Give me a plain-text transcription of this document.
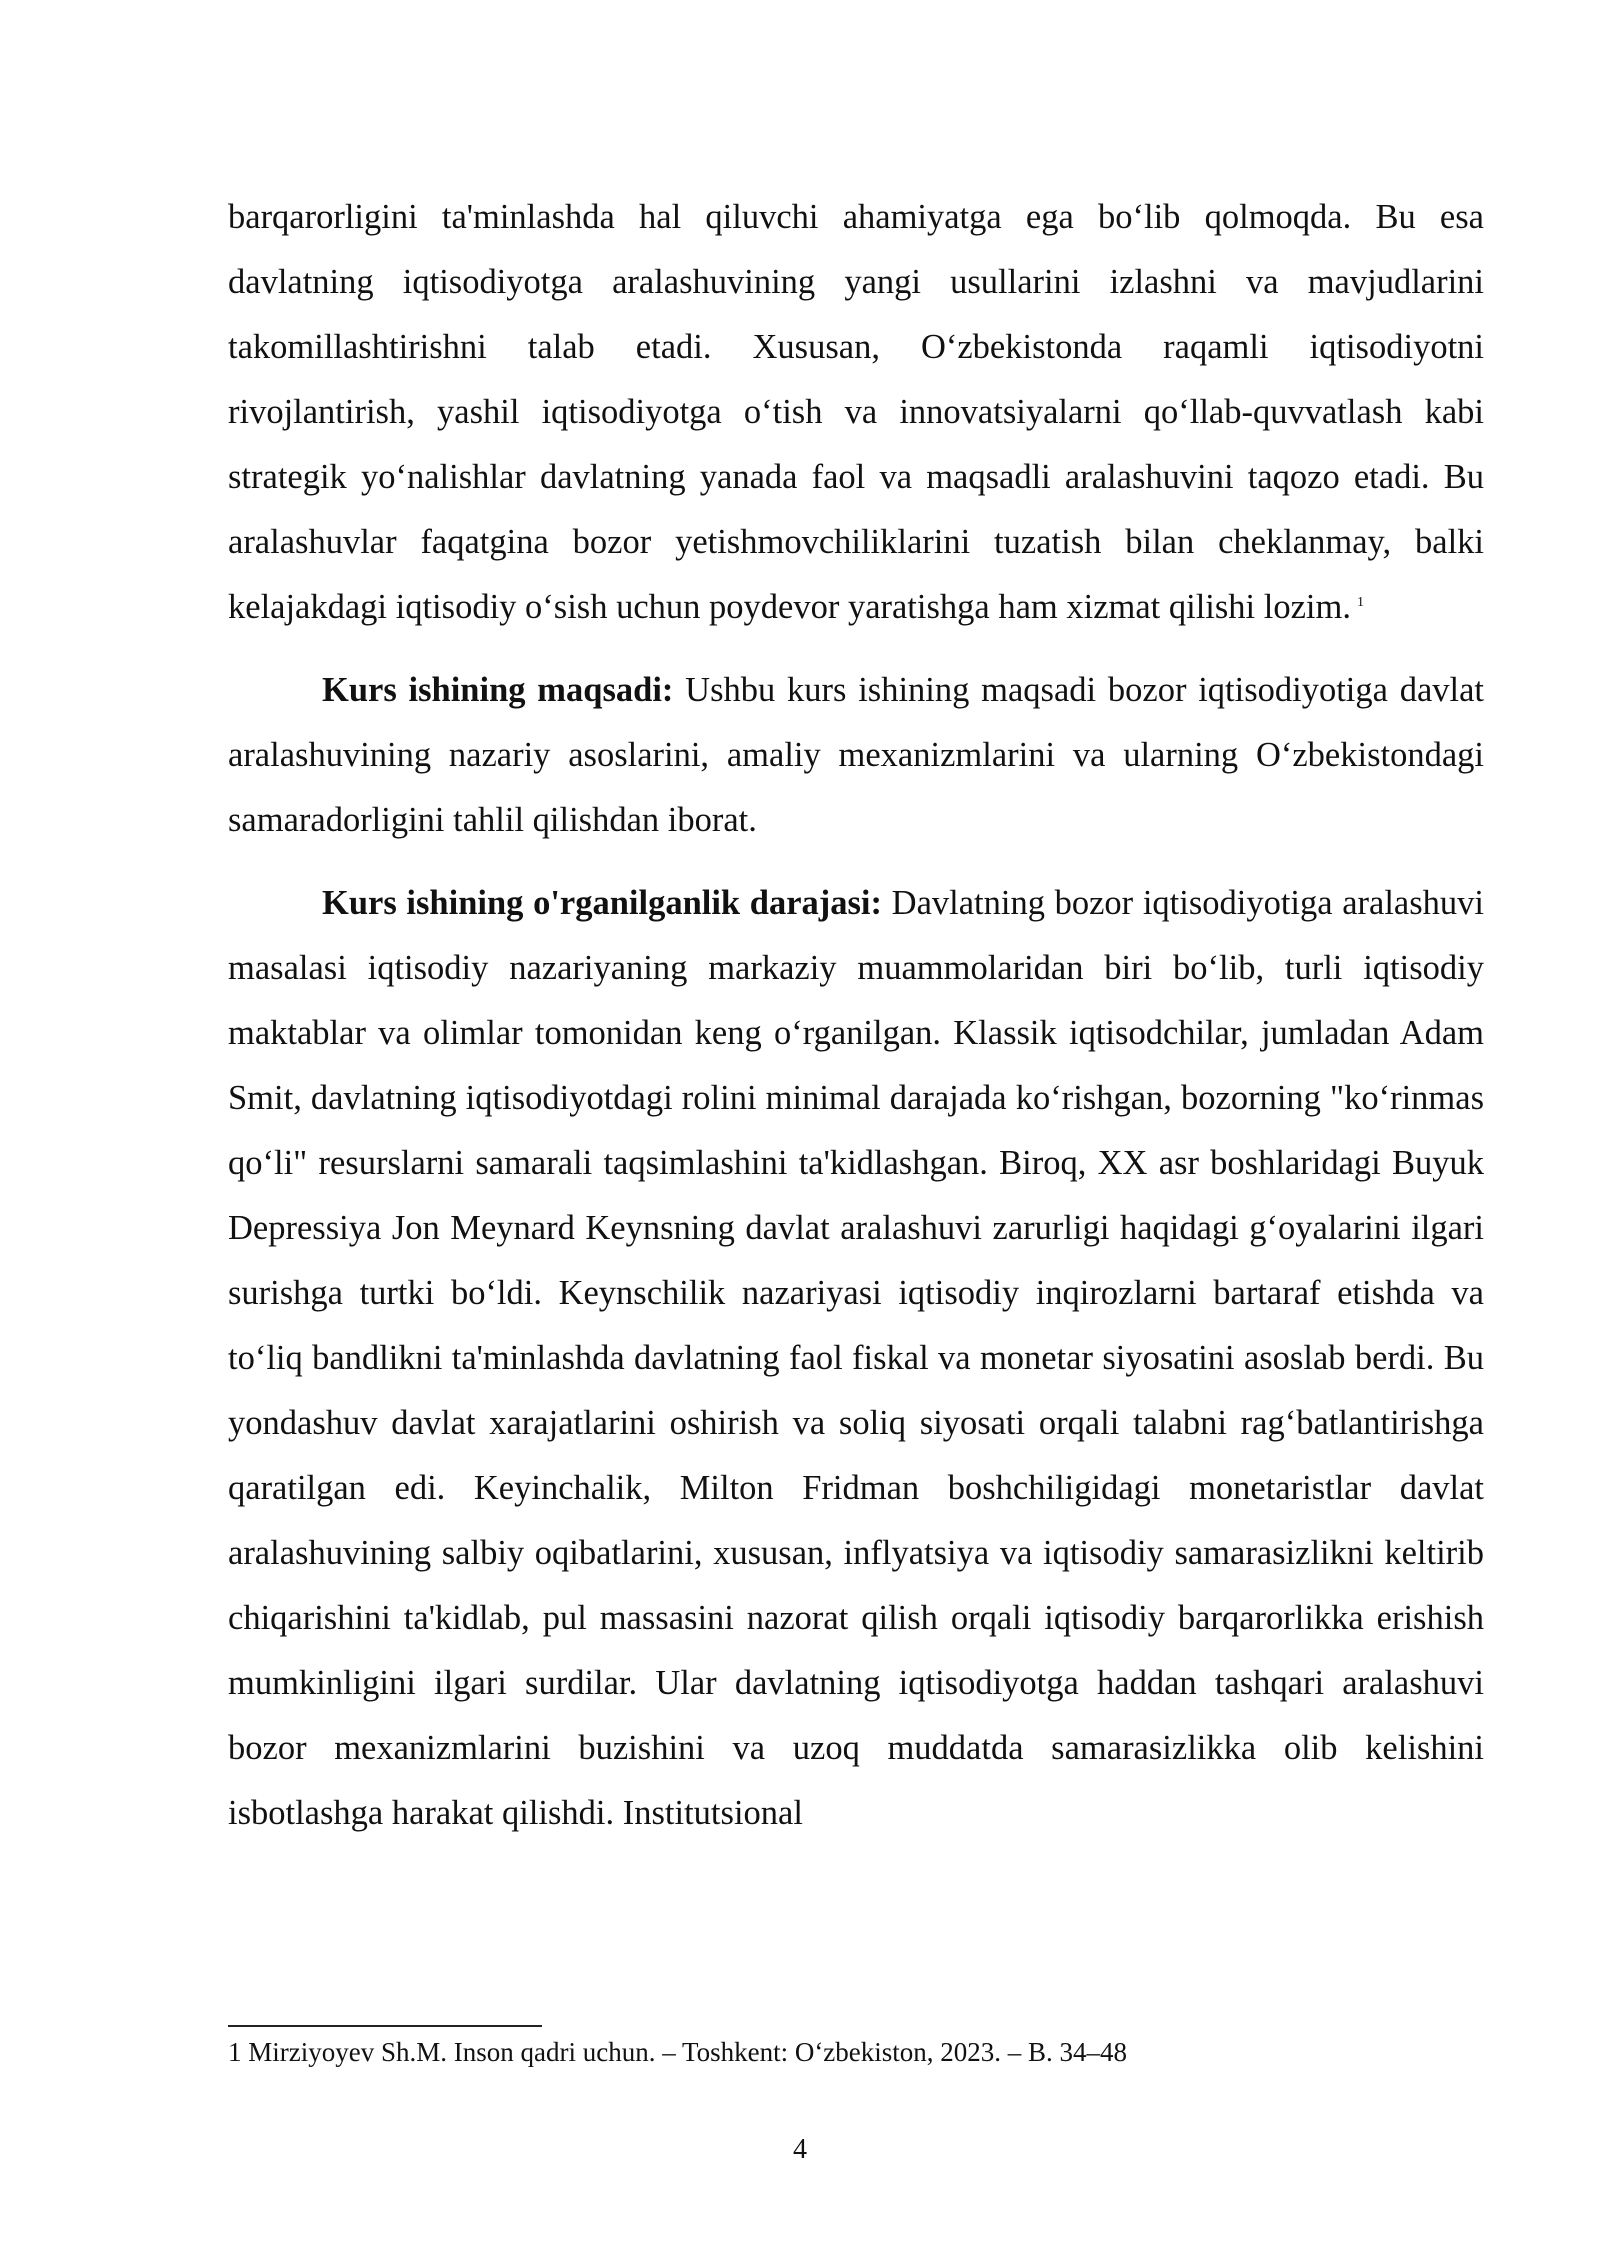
barqarorligini ta'minlashda hal qiluvchi ahamiyatga ega bo‘lib qolmoqda. Bu esa davlatning iqtisodiyotga aralashuvining yangi usullarini izlashni va mavjudlarini takomillashtirishni talab etadi. Xususan, O‘zbekistonda raqamli iqtisodiyotni rivojlantirish, yashil iqtisodiyotga o‘tish va innovatsiyalarni qo‘llab-quvvatlash kabi strategik yo‘nalishlar davlatning yanada faol va maqsadli aralashuvini taqozo etadi. Bu aralashuvlar faqatgina bozor yetishmovchiliklarini tuzatish bilan cheklanmay, balki kelajakdagi iqtisodiy o‘sish uchun poydevor yaratishga ham xizmat qilishi lozim. $^1$

Kurs ishining maqsadi: Ushbu kurs ishining maqsadi bozor iqtisodiyotiga davlat aralashuvining nazariy asoslarini, amaliy mexanizmlarini va ularning O‘zbekistondagi samaradorligini tahlil qilishdan iborat.

Kurs ishining o'rganilganlik darajasi: Davlatning bozor iqtisodiyotiga aralashuvi masalasi iqtisodiy nazariyaning markaziy muammolaridan biri bo‘lib, turli iqtisodiy maktablar va olimlar tomonidan keng o‘rganilgan. Klassik iqtisodchilar, jumladan Adam Smit, davlatning iqtisodiyotdagi rolini minimal darajada ko‘rishgan, bozorning "ko‘rinmas qo‘li" resurslarni samarali taqsimlashini ta'kidlashgan. Biroq, XX asr boshlaridagi Buyuk Depressiya Jon Meynard Keynsning davlat aralashuvi zarurligi haqidagi g‘oyalarini ilgari surishga turtki bo‘ldi. Keynschilik nazariyasi iqtisodiy inqirozlarni bartaraf etishda va to‘liq bandlikni ta'minlashda davlatning faol fiskal va monetar siyosatini asoslab berdi. Bu yondashuv davlat xarajatlarini oshirish va soliq siyosati orqali talabni rag‘batlantirishga qaratilgan edi. Keyinchalik, Milton Fridman boshchiligidagi monetaristlar davlat aralashuvining salbiy oqibatlarini, xususan, inflyatsiya va iqtisodiy samarasizlikni keltirib chiqarishini ta'kidlab, pul massasini nazorat qilish orqali iqtisodiy barqarorlikka erishish mumkinligini ilgari surdilar. Ular davlatning iqtisodiyotga haddan tashqari aralashuvi bozor mexanizmlarini buzishini va uzoq muddatda samarasizlikka olib kelishini isbotlashga harakat qilishdi. Institutsional

1 Mirziyoyev Sh.M. Inson qadri uchun. – Toshkent: O‘zbekiston, 2023. – B. 34–48

4
